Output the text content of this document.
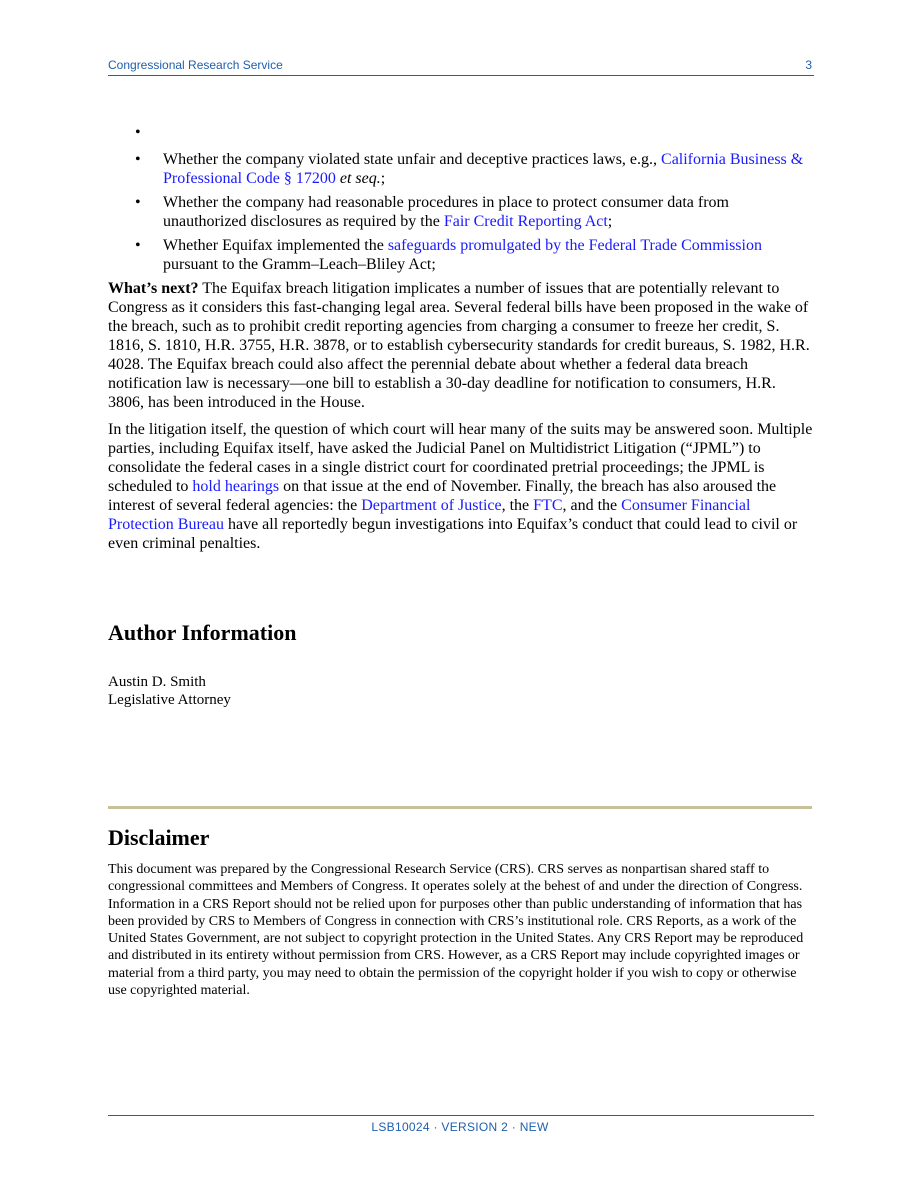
Congressional Research Service	3
•
• Whether the company violated state unfair and deceptive practices laws, e.g., California Business & Professional Code § 17200 et seq.;
• Whether the company had reasonable procedures in place to protect consumer data from unauthorized disclosures as required by the Fair Credit Reporting Act;
• Whether Equifax implemented the safeguards promulgated by the Federal Trade Commission pursuant to the Gramm–Leach–Bliley Act;

What’s next? The Equifax breach litigation implicates a number of issues that are potentially relevant to Congress as it considers this fast-changing legal area. Several federal bills have been proposed in the wake of the breach, such as to prohibit credit reporting agencies from charging a consumer to freeze her credit, S. 1816, S. 1810, H.R. 3755, H.R. 3878, or to establish cybersecurity standards for credit bureaus, S. 1982, H.R. 4028. The Equifax breach could also affect the perennial debate about whether a federal data breach notification law is necessary—one bill to establish a 30-day deadline for notification to consumers, H.R. 3806, has been introduced in the House.

In the litigation itself, the question of which court will hear many of the suits may be answered soon. Multiple parties, including Equifax itself, have asked the Judicial Panel on Multidistrict Litigation (“JPML”) to consolidate the federal cases in a single district court for coordinated pretrial proceedings; the JPML is scheduled to hold hearings on that issue at the end of November. Finally, the breach has also aroused the interest of several federal agencies: the Department of Justice, the FTC, and the Consumer Financial Protection Bureau have all reportedly begun investigations into Equifax’s conduct that could lead to civil or even criminal penalties.

Author Information
Austin D. Smith
Legislative Attorney
Disclaimer
This document was prepared by the Congressional Research Service (CRS). CRS serves as nonpartisan shared staff to congressional committees and Members of Congress. It operates solely at the behest of and under the direction of Congress. Information in a CRS Report should not be relied upon for purposes other than public understanding of information that has been provided by CRS to Members of Congress in connection with CRS’s institutional role. CRS Reports, as a work of the United States Government, are not subject to copyright protection in the United States. Any CRS Report may be reproduced and distributed in its entirety without permission from CRS. However, as a CRS Report may include copyrighted images or material from a third party, you may need to obtain the permission of the copyright holder if you wish to copy or otherwise use copyrighted material.
LSB10024 · VERSION 2 · NEW
